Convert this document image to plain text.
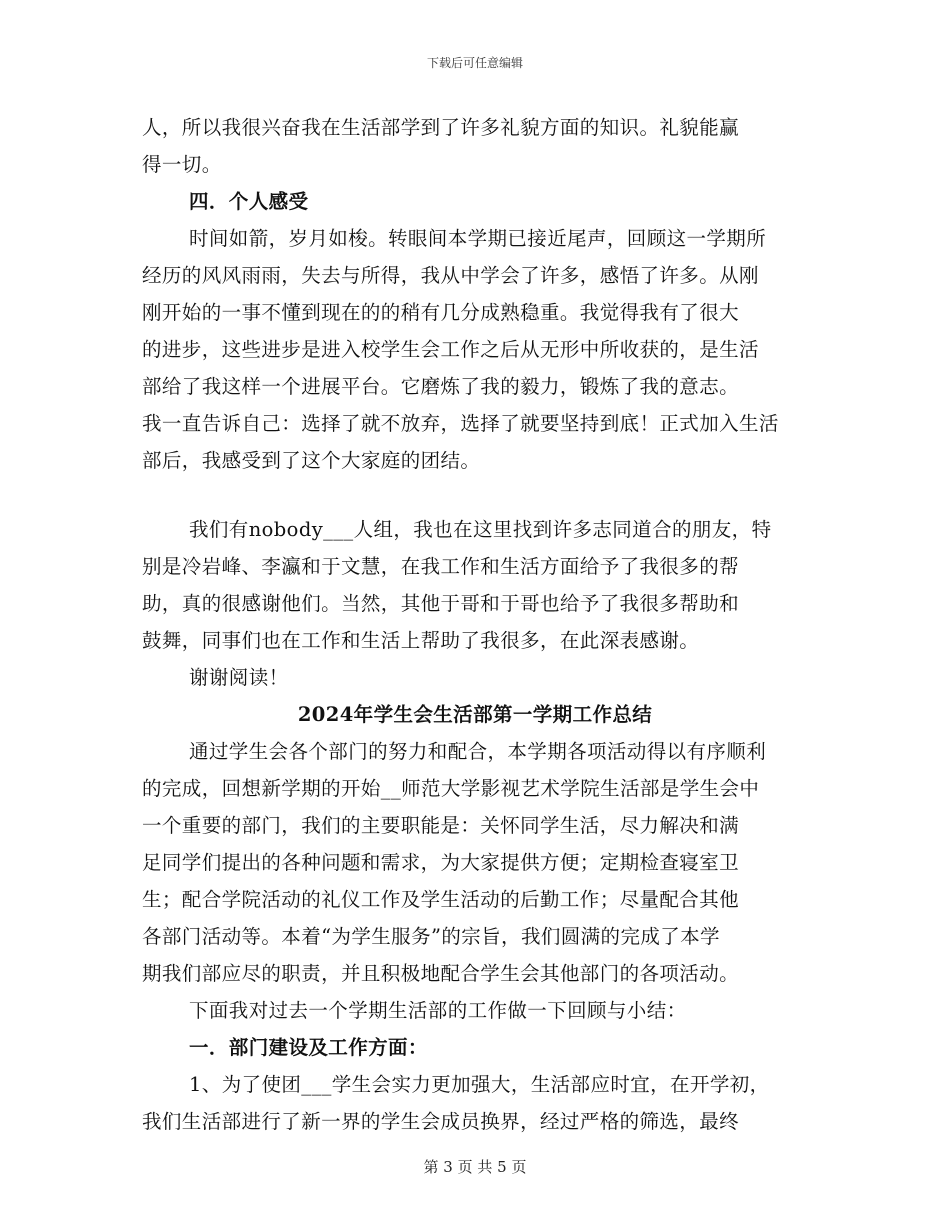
下载后可任意编辑
人，所以我很兴奋我在生活部学到了许多礼貌方面的知识。礼貌能赢
得一切。
四．个人感受
时间如箭，岁月如梭。转眼间本学期已接近尾声，回顾这一学期所
经历的风风雨雨，失去与所得，我从中学会了许多，感悟了许多。从刚
刚开始的一事不懂到现在的的稍有几分成熟稳重。我觉得我有了很大
的进步，这些进步是进入校学生会工作之后从无形中所收获的，是生活
部给了我这样一个进展平台。它磨炼了我的毅力，锻炼了我的意志。
我一直告诉自己：选择了就不放弃，选择了就要坚持到底！正式加入生活
部后，我感受到了这个大家庭的团结。
我们有nobody___人组，我也在这里找到许多志同道合的朋友，特
别是冷岩峰、李瀛和于文慧，在我工作和生活方面给予了我很多的帮
助，真的很感谢他们。当然，其他于哥和于哥也给予了我很多帮助和
鼓舞，同事们也在工作和生活上帮助了我很多，在此深表感谢。
谢谢阅读！
2024年学生会生活部第一学期工作总结
通过学生会各个部门的努力和配合，本学期各项活动得以有序顺利
的完成，回想新学期的开始__师范大学影视艺术学院生活部是学生会中
一个重要的部门，我们的主要职能是：关怀同学生活，尽力解决和满
足同学们提出的各种问题和需求，为大家提供方便；定期检查寝室卫
生；配合学院活动的礼仪工作及学生活动的后勤工作；尽量配合其他
各部门活动等。本着“为学生服务”的宗旨，我们圆满的完成了本学
期我们部应尽的职责，并且积极地配合学生会其他部门的各项活动。
下面我对过去一个学期生活部的工作做一下回顾与小结：
一．部门建设及工作方面：
1、为了使团___学生会实力更加强大，生活部应时宜，在开学初，
我们生活部进行了新一界的学生会成员换界，经过严格的筛选，最终
第 3 页 共 5 页
